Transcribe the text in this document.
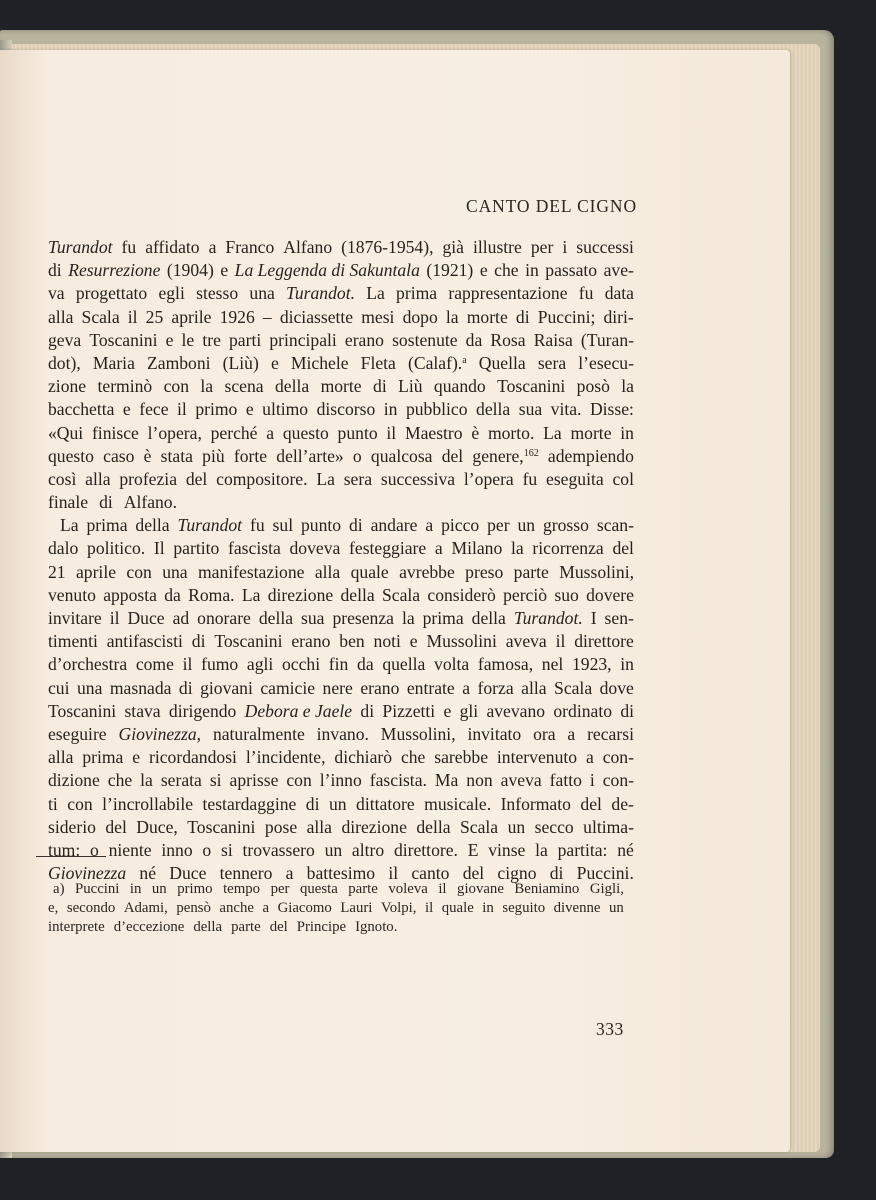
CANTO DEL CIGNO
Turandot fu affidato a Franco Alfano (1876-1954), già illustre per i successi
di Resurrezione (1904) e La Leggenda di Sakuntala (1921) e che in passato ave-
va progettato egli stesso una Turandot. La prima rappresentazione fu data
alla Scala il 25 aprile 1926 – diciassette mesi dopo la morte di Puccini; diri-
geva Toscanini e le tre parti principali erano sostenute da Rosa Raisa (Turan-
dot), Maria Zamboni (Liù) e Michele Fleta (Calaf).$^a$ Quella sera l’esecu-
zione terminò con la scena della morte di Liù quando Toscanini posò la
bacchetta e fece il primo e ultimo discorso in pubblico della sua vita. Disse:
«Qui finisce l’opera, perché a questo punto il Maestro è morto. La morte in
questo caso è stata più forte dell’arte» o qualcosa del genere,$^{162}$ adempiendo
così alla profezia del compositore. La sera successiva l’opera fu eseguita col
finale di Alfano.
La prima della Turandot fu sul punto di andare a picco per un grosso scan-
dalo politico. Il partito fascista doveva festeggiare a Milano la ricorrenza del
21 aprile con una manifestazione alla quale avrebbe preso parte Mussolini,
venuto apposta da Roma. La direzione della Scala considerò perciò suo dovere
invitare il Duce ad onorare della sua presenza la prima della Turandot. I sen-
timenti antifascisti di Toscanini erano ben noti e Mussolini aveva il direttore
d’orchestra come il fumo agli occhi fin da quella volta famosa, nel 1923, in
cui una masnada di giovani camicie nere erano entrate a forza alla Scala dove
Toscanini stava dirigendo Debora e Jaele di Pizzetti e gli avevano ordinato di
eseguire Giovinezza, naturalmente invano. Mussolini, invitato ora a recarsi
alla prima e ricordandosi l’incidente, dichiarò che sarebbe intervenuto a con-
dizione che la serata si aprisse con l’inno fascista. Ma non aveva fatto i con-
ti con l’incrollabile testardaggine di un dittatore musicale. Informato del de-
siderio del Duce, Toscanini pose alla direzione della Scala un secco ultima-
tum: o niente inno o si trovassero un altro direttore. E vinse la partita: né
Giovinezza né Duce tennero a battesimo il canto del cigno di Puccini.
a) Puccini in un primo tempo per questa parte voleva il giovane Beniamino Gigli,
e, secondo Adami, pensò anche a Giacomo Lauri Volpi, il quale in seguito divenne un
interprete d’eccezione della parte del Principe Ignoto.
333
